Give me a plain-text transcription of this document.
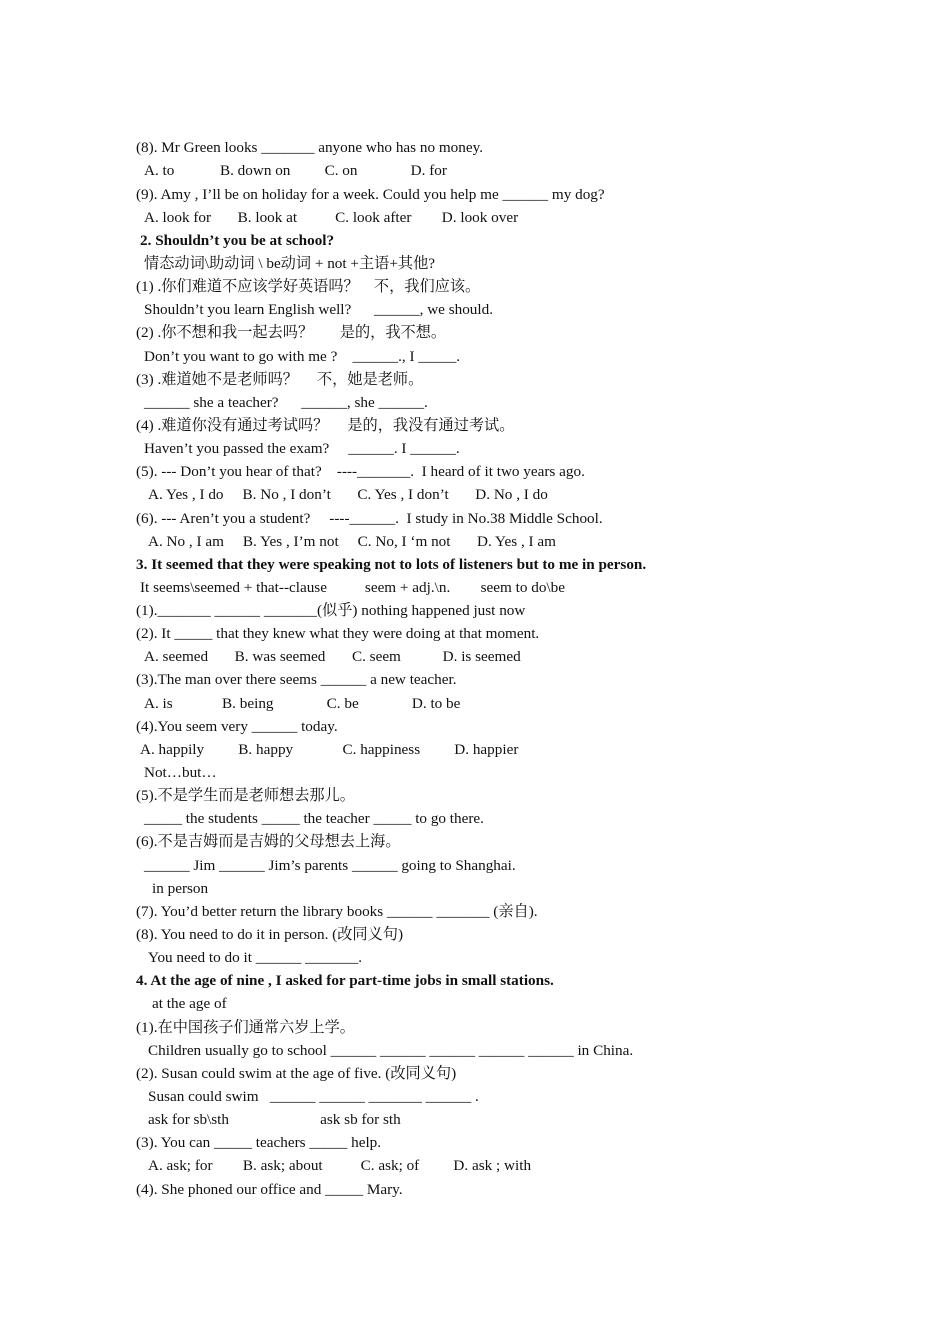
(8). Mr Green looks _______ anyone who has no money.
A. to            B. down on         C. on              D. for
(9). Amy , I’ll be on holiday for a week. Could you help me ______ my dog?
A. look for       B. look at          C. look after        D. look over
2. Shouldn’t you be at school?
情态动词\助动词 \ be动词 + not +主语+其他?
(1) .你们难道不应该学好英语吗？    不，我们应该。
Shouldn’t you learn English well?      ______, we should.
(2) .你不想和我一起去吗？       是的，我不想。
Don’t you want to go with me ?    ______., I _____.
(3) .难道她不是老师吗？     不，她是老师。
______ she a teacher?      ______, she ______.
(4) .难道你没有通过考试吗？     是的，我没有通过考试。
Haven’t you passed the exam?     ______. I ______.
(5). --- Don’t you hear of that?    ----_______.  I heard of it two years ago.
A. Yes , I do     B. No , I don’t       C. Yes , I don’t       D. No , I do
(6). --- Aren’t you a student?     ----______.  I study in No.38 Middle School.
A. No , I am     B. Yes , I’m not     C. No, I ‘m not       D. Yes , I am
3. It seemed that they were speaking not to lots of listeners but to me in person.
It seems\seemed + that--clause          seem + adj.\n.        seem to do\be
(1)._______ ______ _______(似乎) nothing happened just now
(2). It _____ that they knew what they were doing at that moment.
A. seemed       B. was seemed       C. seem           D. is seemed
(3).The man over there seems ______ a new teacher.
A. is             B. being              C. be              D. to be
(4).You seem very ______ today.
A. happily         B. happy             C. happiness         D. happier
Not…but…
(5).不是学生而是老师想去那儿。
_____ the students _____ the teacher _____ to go there.
(6).不是吉姆而是吉姆的父母想去上海。
______ Jim ______ Jim’s parents ______ going to Shanghai.
in person
(7). You’d better return the library books ______ _______ (亲自).
(8). You need to do it in person. (改同义句)
You need to do it ______ _______.
4. At the age of nine , I asked for part-time jobs in small stations.
at the age of
(1).在中国孩子们通常六岁上学。
Children usually go to school ______ ______ ______ ______ ______ in China.
(2). Susan could swim at the age of five. (改同义句)
Susan could swim   ______ ______ _______ ______ .
ask for sb\sth                        ask sb for sth
(3). You can _____ teachers _____ help.
A. ask; for        B. ask; about          C. ask; of         D. ask ; with
(4). She phoned our office and _____ Mary.
